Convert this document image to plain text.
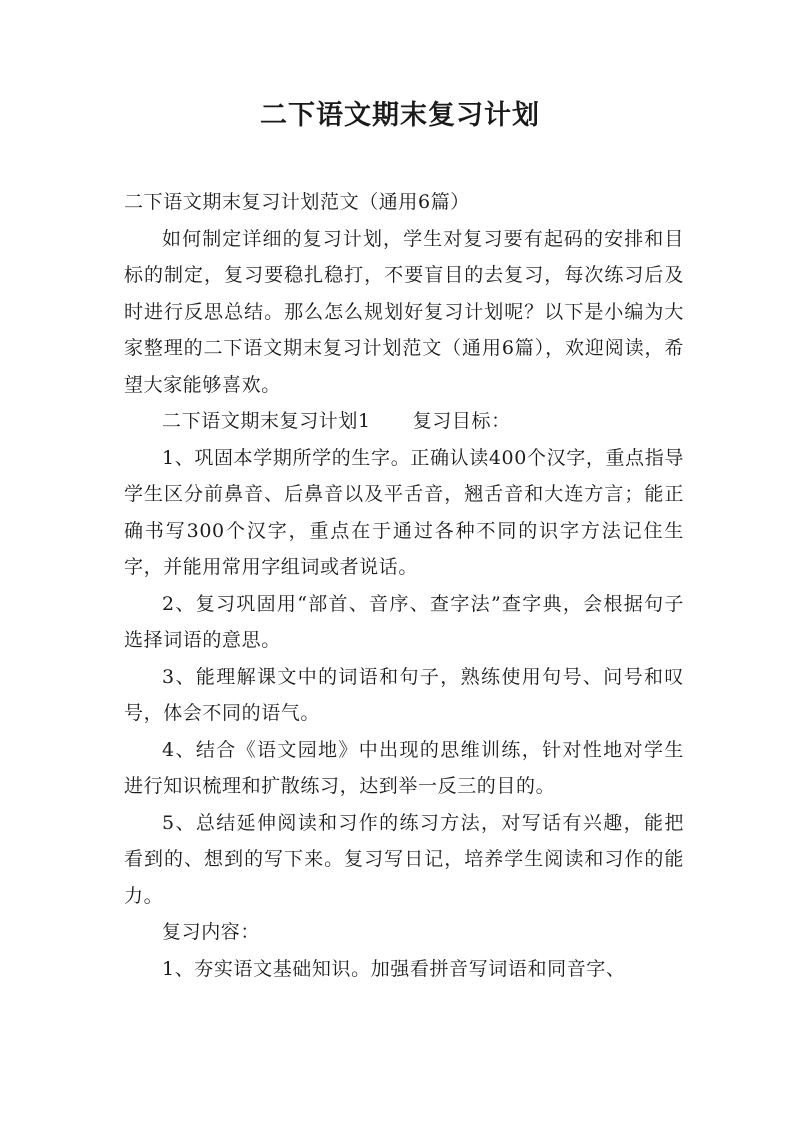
二下语文期末复习计划

二下语文期末复习计划范文（通用6篇）

如何制定详细的复习计划，学生对复习要有起码的安排和目标的制定，复习要稳扎稳打，不要盲目的去复习，每次练习后及时进行反思总结。那么怎么规划好复习计划呢？以下是小编为大家整理的二下语文期末复习计划范文（通用6篇），欢迎阅读，希望大家能够喜欢。

二下语文期末复习计划1 复习目标：

1、巩固本学期所学的生字。正确认读400个汉字，重点指导学生区分前鼻音、后鼻音以及平舌音，翘舌音和大连方言；能正确书写300个汉字，重点在于通过各种不同的识字方法记住生字，并能用常用字组词或者说话。

2、复习巩固用“部首、音序、查字法”查字典，会根据句子选择词语的意思。

3、能理解课文中的词语和句子，熟练使用句号、问号和叹号，体会不同的语气。

4、结合《语文园地》中出现的思维训练，针对性地对学生进行知识梳理和扩散练习，达到举一反三的目的。

5、总结延伸阅读和习作的练习方法，对写话有兴趣，能把看到的、想到的写下来。复习写日记，培养学生阅读和习作的能力。

复习内容：

1、夯实语文基础知识。加强看拼音写词语和同音字、
